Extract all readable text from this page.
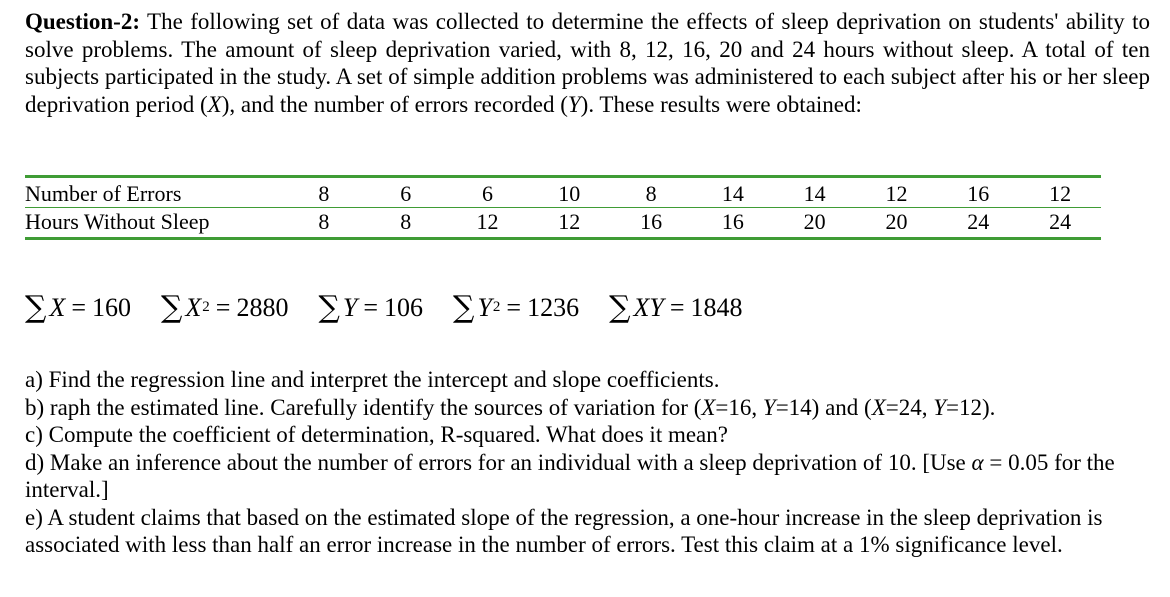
Question-2: The following set of data was collected to determine the effects of sleep deprivation on students' ability to solve problems. The amount of sleep deprivation varied, with 8, 12, 16, 20 and 24 hours without sleep. A total of ten subjects participated in the study. A set of simple addition problems was administered to each subject after his or her sleep deprivation period (X), and the number of errors recorded (Y). These results were obtained:

Number of Errors	8	6	6	10	8	14	14	12	16	12
Hours Without Sleep	8	8	12	12	16	16	20	20	24	24
∑ X = 160 ∑ X 2 = 2880 ∑ Y = 106 ∑ Y 2 = 1236 ∑ XY = 1848
a) Find the regression line and interpret the intercept and slope coefficients.
b) raph the estimated line. Carefully identify the sources of variation for (X=16, Y=14) and (X=24, Y=12).
c) Compute the coefficient of determination, R-squared. What does it mean?
d) Make an inference about the number of errors for an individual with a sleep deprivation of 10. [Use α = 0.05 for the interval.]
e) A student claims that based on the estimated slope of the regression, a one-hour increase in the sleep deprivation is associated with less than half an error increase in the number of errors. Test this claim at a 1% significance level.
